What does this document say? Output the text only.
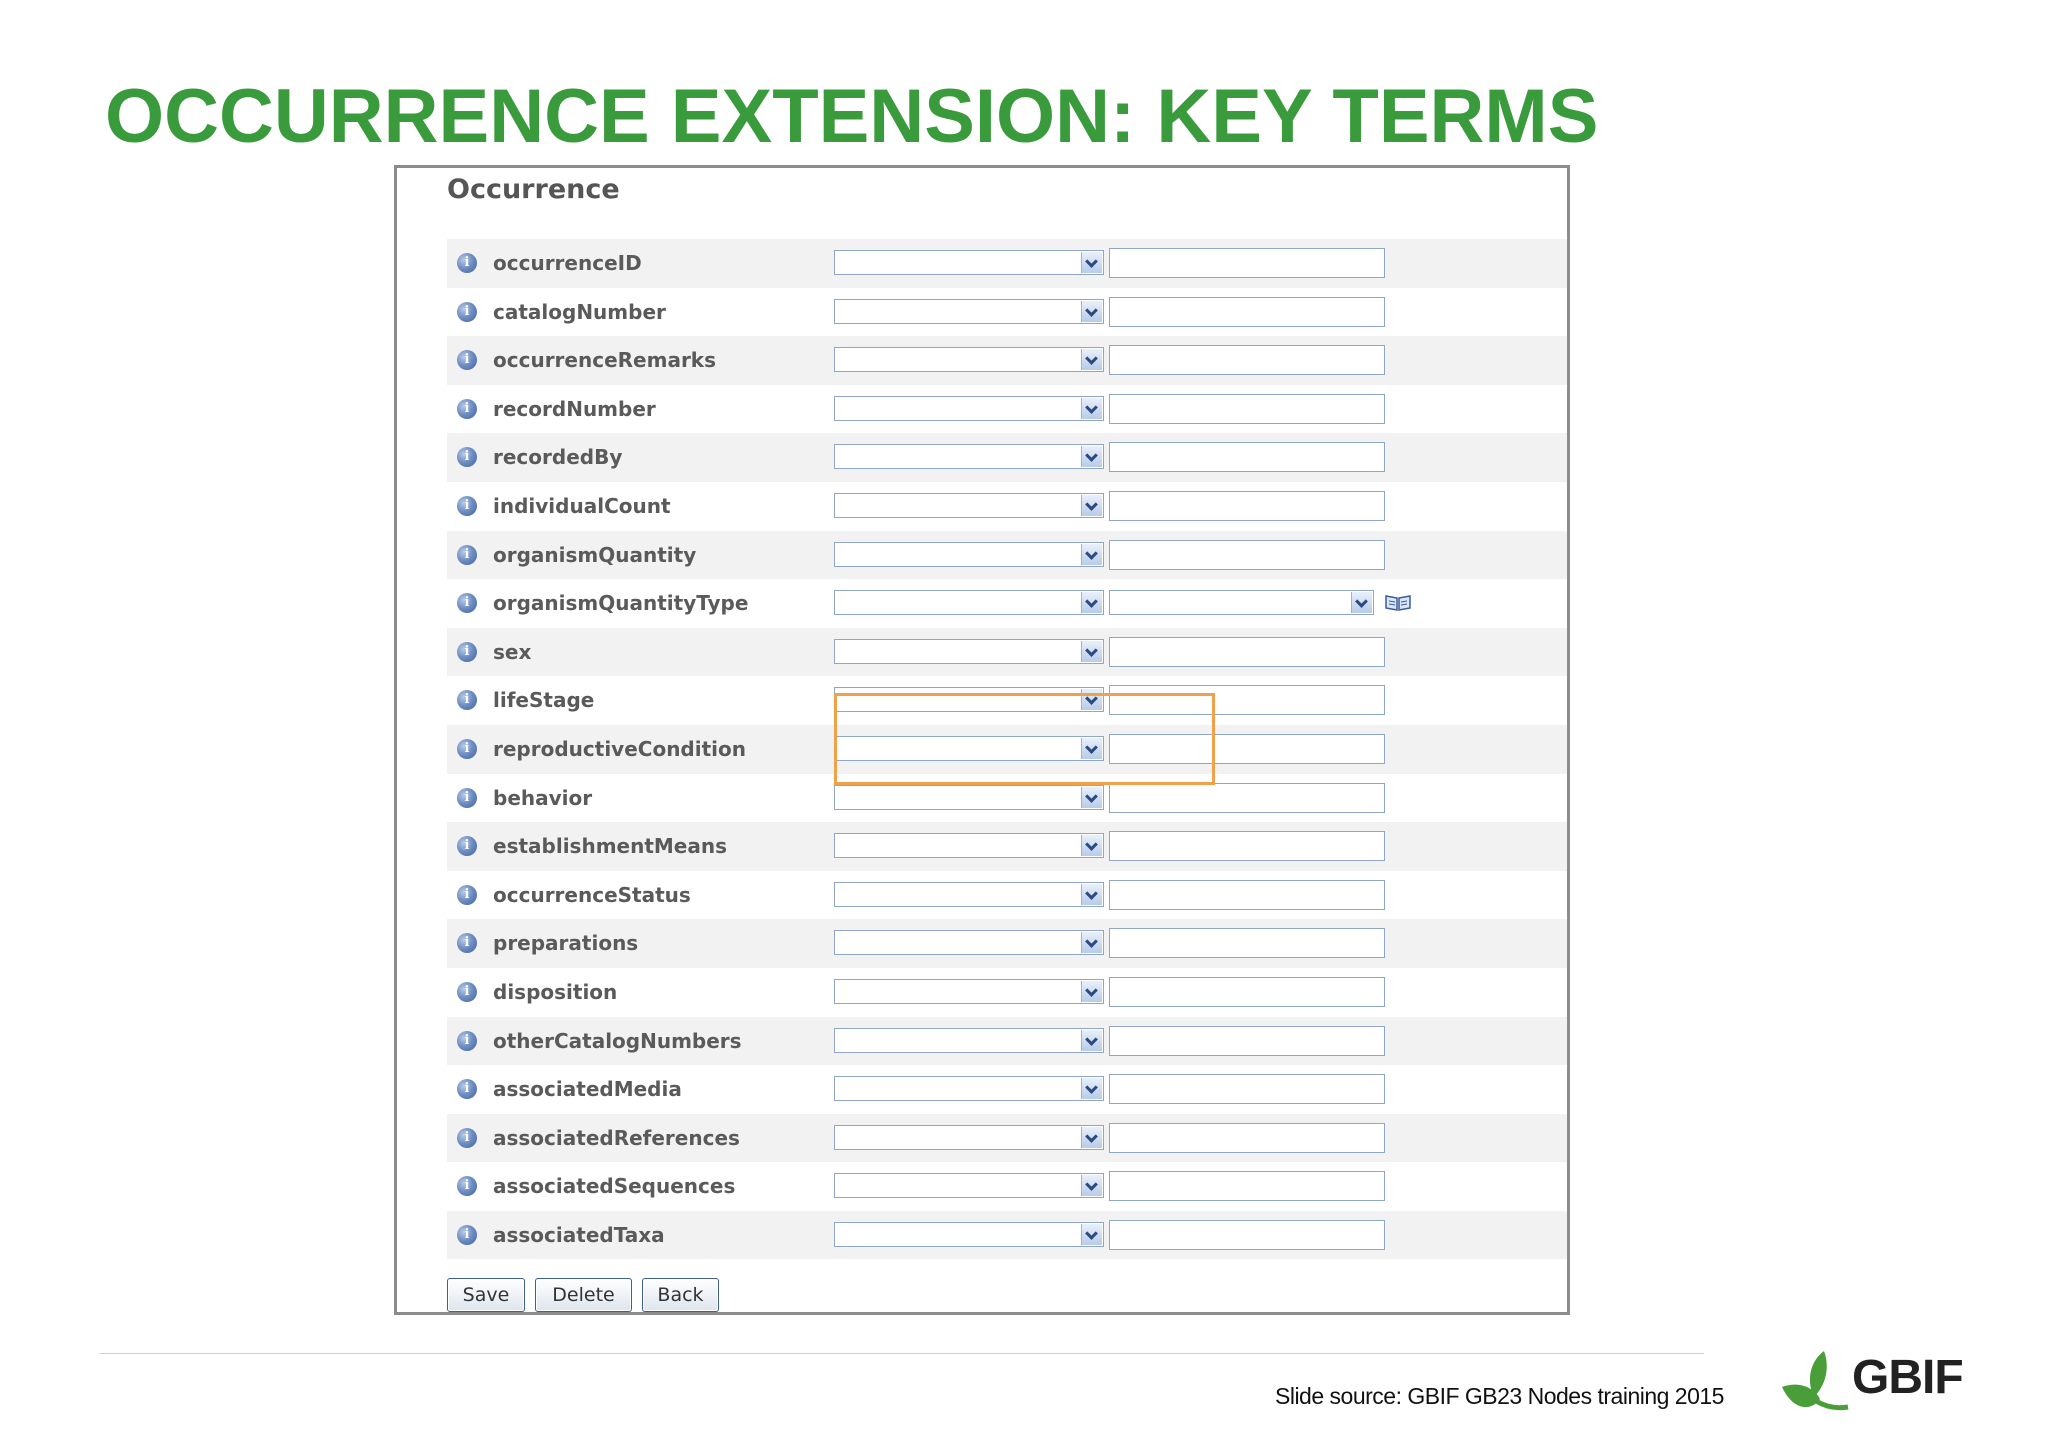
OCCURRENCE EXTENSION: KEY TERMS
Occurrence
i	occurrenceID
i	catalogNumber
i	occurrenceRemarks
i	recordNumber
i	recordedBy
i	individualCount
i	organismQuantity
i	organismQuantityType
i	sex
i	lifeStage
i	reproductiveCondition
i	behavior
i	establishmentMeans
i	occurrenceStatus
i	preparations
i	disposition
i	otherCatalogNumbers
i	associatedMedia
i	associatedReferences
i	associatedSequences
i	associatedTaxa
Save	Delete	Back
Slide source: GBIF GB23 Nodes training 2015	GBIF
